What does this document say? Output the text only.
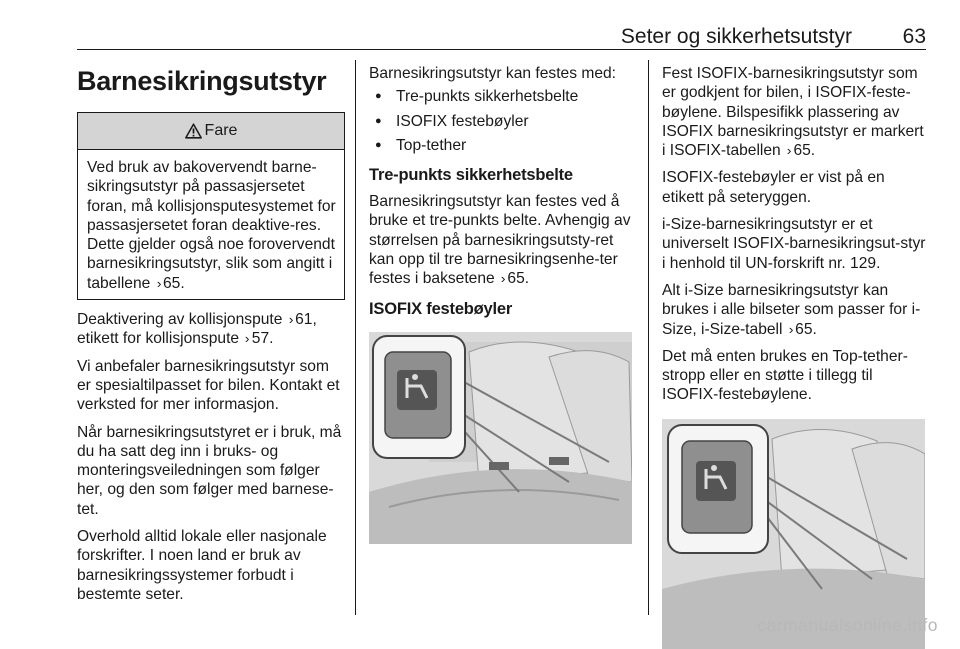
Seter og sikkerhetsutstyr 63
Barnesikringsutstyr
Fare
Ved bruk av bakovervendt barne-sikringsutstyr på passasjersetet foran, må kollisjonsputesystemet for passasjersetet foran deaktive-res. Dette gjelder også noe forovervendt barnesikringsutstyr, slik som angitt i tabellene › 65.

Deaktivering av kollisjonspute › 61, etikett for kollisjonspute › 57.

Vi anbefaler barnesikringsutstyr som er spesialtilpasset for bilen. Kontakt et verksted for mer informasjon.

Når barnesikringsutstyret er i bruk, må du ha satt deg inn i bruks- og monteringsveiledningen som følger her, og den som følger med barnese-tet.

Overhold alltid lokale eller nasjonale forskrifter. I noen land er bruk av barnesikringssystemer forbudt i bestemte seter.

Barnesikringsutstyr kan festes med:

● Tre-punkts sikkerhetsbelte
● ISOFIX festebøyler
● Top-tether
Tre-punkts sikkerhetsbelte

Barnesikringsutstyr kan festes ved å bruke et tre-punkts belte. Avhengig av størrelsen på barnesikringsutsty-ret kan opp til tre barnesikringsenhe-ter festes i baksetene › 65.

ISOFIX festebøyler

Fest ISOFIX-barnesikringsutstyr som er godkjent for bilen, i ISOFIX-feste-bøylene. Bilspesifikk plassering av ISOFIX barnesikringsutstyr er markert i ISOFIX-tabellen › 65.

ISOFIX-festebøyler er vist på en etikett på seteryggen.

i-Size-barnesikringsutstyr er et universelt ISOFIX-barnesikringsut-styr i henhold til UN-forskrift nr. 129.

Alt i-Size barnesikringsutstyr kan brukes i alle bilseter som passer for i-Size, i-Size-tabell › 65.

Det må enten brukes en Top-tether-stropp eller en støtte i tillegg til ISOFIX-festebøylene.

carmanualsonline.info
